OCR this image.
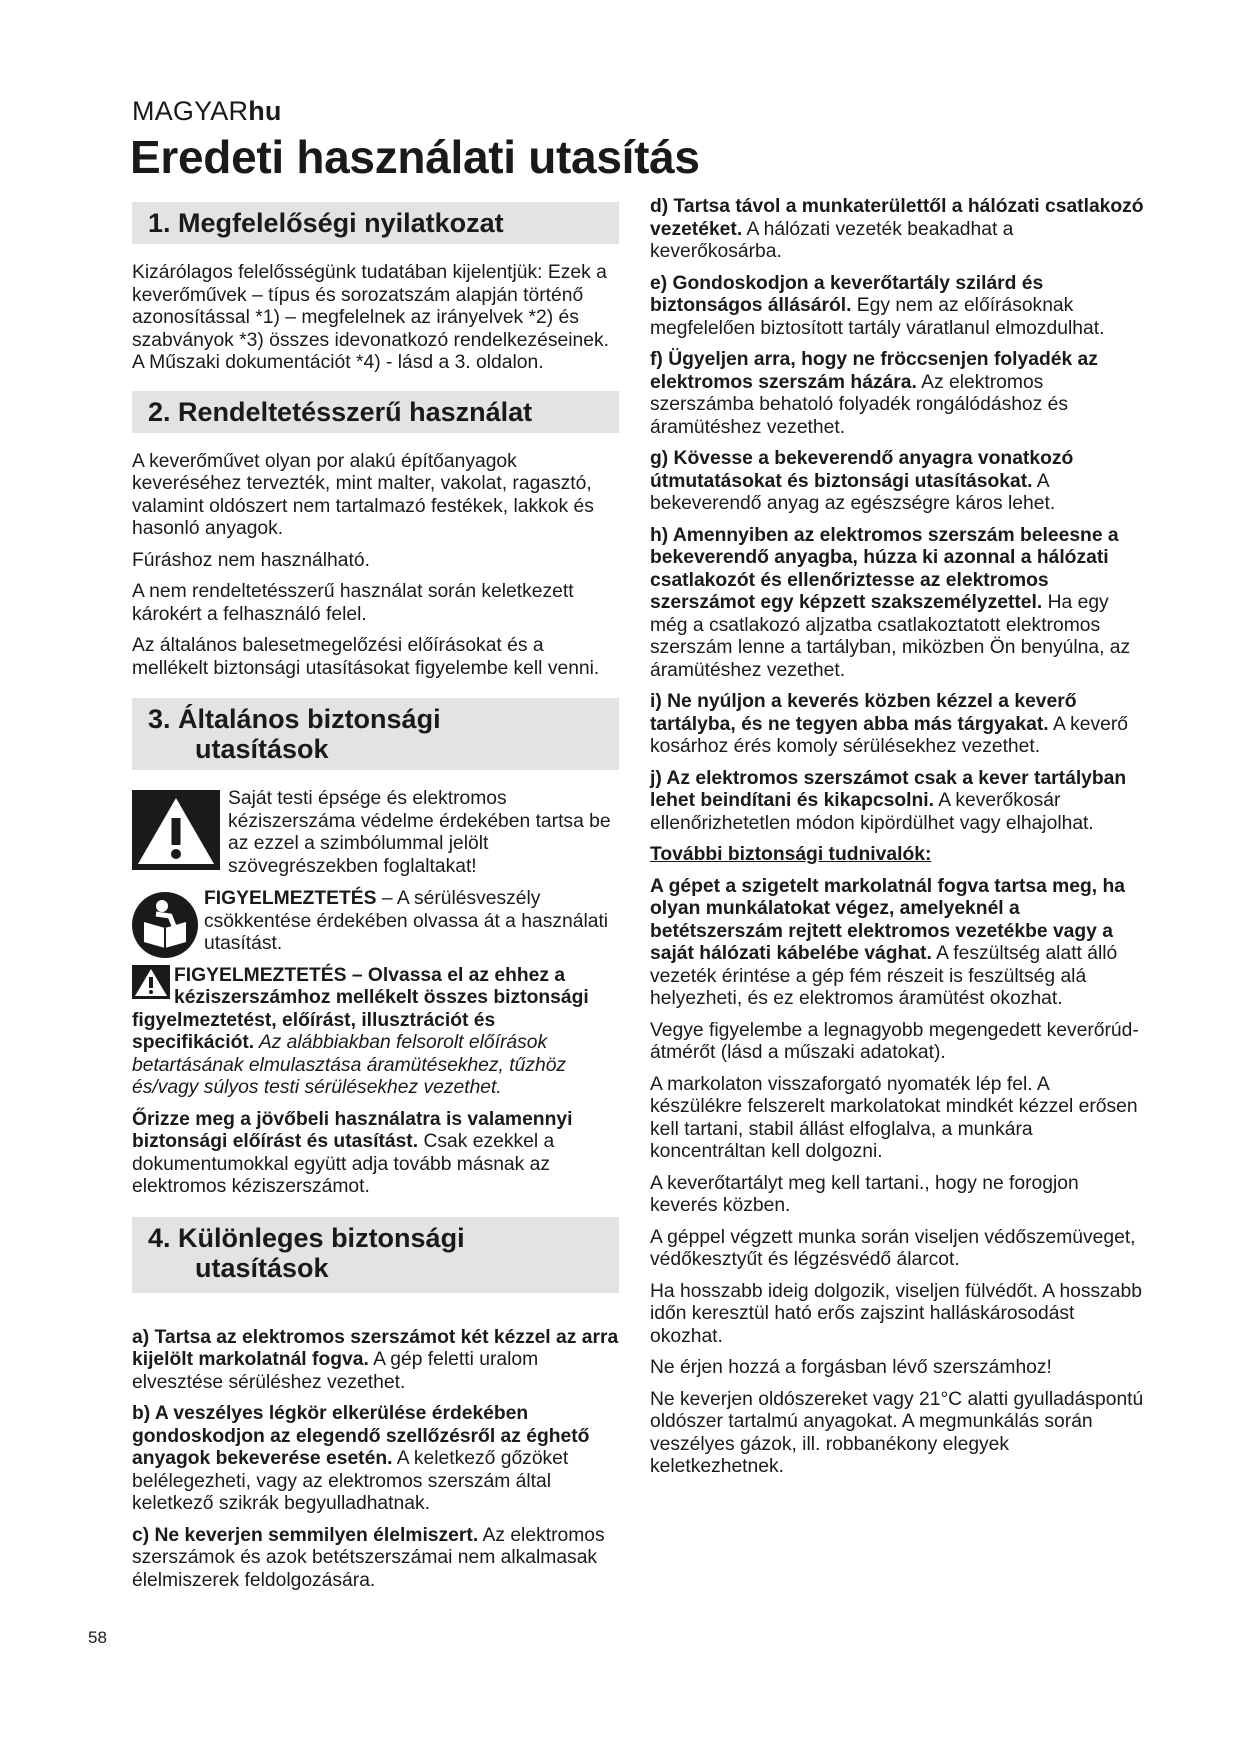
MAGYARhu
Eredeti használati utasítás
1. Megfelelőségi nyilatkozat

Kizárólagos felelősségünk tudatában kijelentjük: Ezek a keverőművek – típus és sorozatszám alapján történő azonosítással *1) – megfelelnek az irányelvek *2) és szabványok *3) összes idevonatkozó rendelkezéseinek. A Műszaki dokumentációt *4) - lásd a 3. oldalon.

2. Rendeltetésszerű használat

A keverőművet olyan por alakú építőanyagok keveréséhez tervezték, mint malter, vakolat, ragasztó, valamint oldószert nem tartalmazó festékek, lakkok és hasonló anyagok.

Fúráshoz nem használható.

A nem rendeltetésszerű használat során keletkezett károkért a felhasználó felel.

Az általános balesetmegelőzési előírásokat és a mellékelt biztonsági utasításokat figyelembe kell venni.

3. Általános biztonsági
utasítások

Saját testi épsége és elektromos kéziszerszáma védelme érdekében tartsa be az ezzel a szimbólummal jelölt szövegrészekben foglaltakat!

FIGYELMEZTETÉS – A sérülésveszély csökkentése érdekében olvassa át a használati utasítást.

FIGYELMEZTETÉS – Olvassa el az ehhez a kéziszerszámhoz mellékelt összes biztonsági figyelmeztetést, előírást, illusztrációt és specifikációt. Az alábbiakban felsorolt előírások betartásának elmulasztása áramütésekhez, tűzhöz és/vagy súlyos testi sérülésekhez vezethet.

Őrizze meg a jövőbeli használatra is valamennyi biztonsági előírást és utasítást. Csak ezekkel a dokumentumokkal együtt adja tovább másnak az elektromos kéziszerszámot.

4. Különleges biztonsági
utasítások

a) Tartsa az elektromos szerszámot két kézzel az arra kijelölt markolatnál fogva. A gép feletti uralom elvesztése sérüléshez vezethet.

b) A veszélyes légkör elkerülése érdekében gondoskodjon az elegendő szellőzésről az éghető anyagok bekeverése esetén. A keletkező gőzöket belélegezheti, vagy az elektromos szerszám által keletkező szikrák begyulladhatnak.

c) Ne keverjen semmilyen élelmiszert. Az elektromos szerszámok és azok betétszerszámai nem alkalmasak élelmiszerek feldolgozására.

d) Tartsa távol a munkaterülettől a hálózati csatlakozó vezetéket. A hálózati vezeték beakadhat a keverőkosárba.

e) Gondoskodjon a keverőtartály szilárd és biztonságos állásáról. Egy nem az előírásoknak megfelelően biztosított tartály váratlanul elmozdulhat.

f) Ügyeljen arra, hogy ne fröccsenjen folyadék az elektromos szerszám házára. Az elektromos szerszámba behatoló folyadék rongálódáshoz és áramütéshez vezethet.

g) Kövesse a bekeverendő anyagra vonatkozó útmutatásokat és biztonsági utasításokat. A bekeverendő anyag az egészségre káros lehet.

h) Amennyiben az elektromos szerszám beleesne a bekeverendő anyagba, húzza ki azonnal a hálózati csatlakozót és ellenőriztesse az elektromos szerszámot egy képzett szakszemélyzettel. Ha egy még a csatlakozó aljzatba csatlakoztatott elektromos szerszám lenne a tartályban, miközben Ön benyúlna, az áramütéshez vezethet.

i) Ne nyúljon a keverés közben kézzel a keverő tartályba, és ne tegyen abba más tárgyakat. A keverő kosárhoz érés komoly sérülésekhez vezethet.

j) Az elektromos szerszámot csak a kever tartályban lehet beindítani és kikapcsolni. A keverőkosár ellenőrizhetetlen módon kipördülhet vagy elhajolhat.

További biztonsági tudnivalók:

A gépet a szigetelt markolatnál fogva tartsa meg, ha olyan munkálatokat végez, amelyeknél a betétszerszám rejtett elektromos vezetékbe vagy a saját hálózati kábelébe vághat. A feszültség alatt álló vezeték érintése a gép fém részeit is feszültség alá helyezheti, és ez elektromos áramütést okozhat.

Vegye figyelembe a legnagyobb megengedett keverőrúd-átmérőt (lásd a műszaki adatokat).

A markolaton visszaforgató nyomaték lép fel. A készülékre felszerelt markolatokat mindkét kézzel erősen kell tartani, stabil állást elfoglalva, a munkára koncentráltan kell dolgozni.

A keverőtartályt meg kell tartani., hogy ne forogjon keverés közben.

A géppel végzett munka során viseljen védőszemüveget, védőkesztyűt és légzésvédő álarcot.

Ha hosszabb ideig dolgozik, viseljen fülvédőt. A hosszabb időn keresztül ható erős zajszint halláskárosodást okozhat.

Ne érjen hozzá a forgásban lévő szerszámhoz!

Ne keverjen oldószereket vagy 21°C alatti gyulladáspontú oldószer tartalmú anyagokat. A megmunkálás során veszélyes gázok, ill. robbanékony elegyek keletkezhetnek.

58
